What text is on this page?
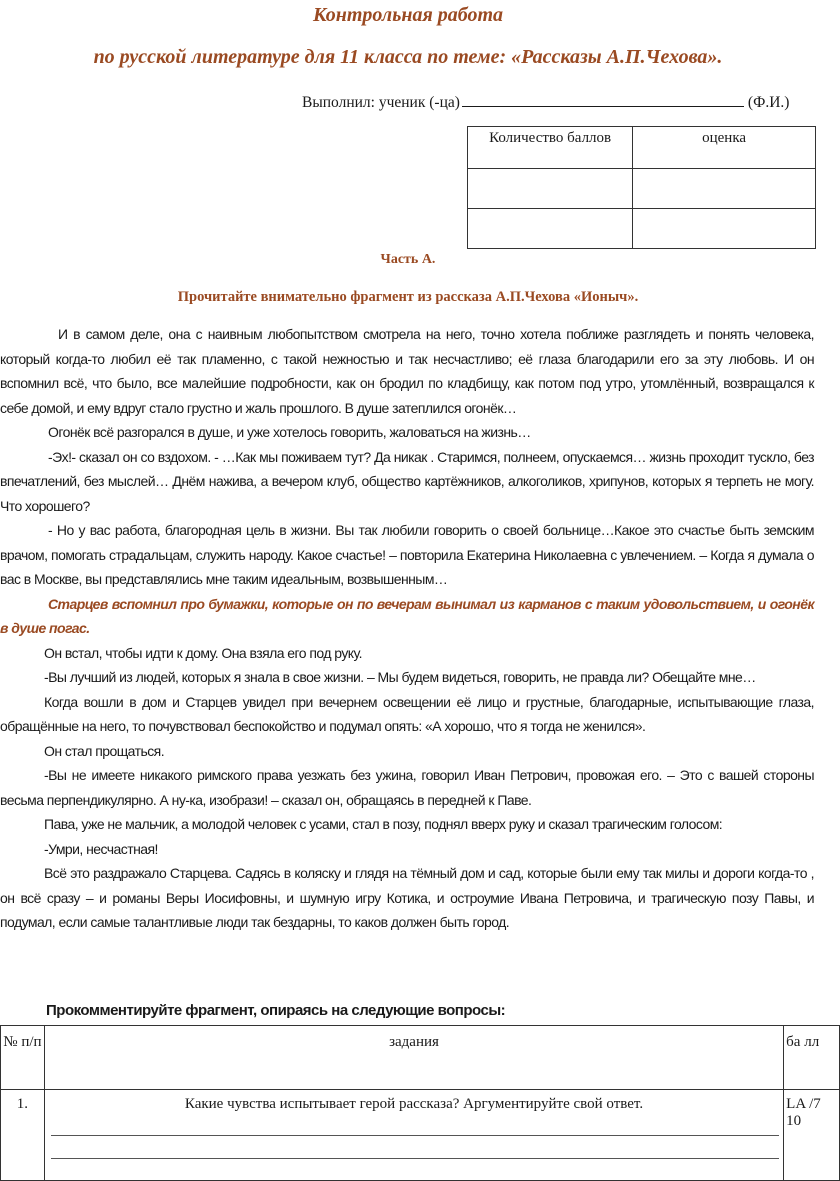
Контрольная работа

по русской литературе для 11 класса по теме: «Рассказы А.П.Чехова».

Выполнил: ученик (-ца)	(Ф.И.)

Количество баллов	оценка

Часть А.

Прочитайте внимательно фрагмент из рассказа А.П.Чехова «Ионыч».

И в самом деле, она с наивным любопытством смотрела на него, точно хотела поближе разглядеть и понять человека, который когда-то любил её так пламенно, с такой нежностью и так несчастливо; её глаза благодарили его за эту любовь. И он вспомнил всё, что было, все малейшие подробности, как он бродил по кладбищу, как потом под утро, утомлённый, возвращался к себе домой, и ему вдруг стало грустно и жаль прошлого. В душе затеплился огонёк…

Огонёк всё разгорался в душе, и уже хотелось говорить, жаловаться на жизнь…

-Эх!- сказал он со вздохом. - …Как мы поживаем тут? Да никак . Старимся, полнеем, опускаемся… жизнь проходит тускло, без впечатлений, без мыслей… Днём нажива, а вечером клуб, общество картёжников, алкоголиков, хрипунов, которых я терпеть не могу. Что хорошего?

- Но у вас работа, благородная цель в жизни. Вы так любили говорить о своей больнице…Какое это счастье быть земским врачом, помогать страдальцам, служить народу. Какое счастье! – повторила Екатерина Николаевна с увлечением. – Когда я думала о вас в Москве, вы представлялись мне таким идеальным, возвышенным…

Старцев вспомнил про бумажки, которые он по вечерам вынимал из карманов с таким удовольствием, и огонёк в душе погас.

Он встал, чтобы идти к дому. Она взяла его под руку.

-Вы лучший из людей, которых я знала в свое жизни. – Мы будем видеться, говорить, не правда ли? Обещайте мне…

Когда вошли в дом и Старцев увидел при вечернем освещении её лицо и грустные, благодарные, испытывающие глаза, обращённые на него, то почувствовал беспокойство и подумал опять: «А хорошо, что я тогда не женился».

Он стал прощаться.

-Вы не имеете никакого римского права уезжать без ужина, говорил Иван Петрович, провожая его. – Это с вашей стороны весьма перпендикулярно. А ну-ка, изобрази! – сказал он, обращаясь в передней к Паве.

Пава, уже не мальчик, а молодой человек с усами, стал в позу, поднял вверх руку и сказал трагическим голосом:

-Умри, несчастная!

Всё это раздражало Старцева. Садясь в коляску и глядя на тёмный дом и сад, которые были ему так милы и дороги когда-то , он всё сразу – и романы Веры Иосифовны, и шумную игру Котика, и остроумие Ивана Петровича, и трагическую позу Павы, и подумал, если самые талантливые люди так бездарны, то каков должен быть город.

Прокомментируйте фрагмент, опираясь на следующие вопросы:

№ п/п	задания	ба лл
1.	Какие чувства испытывает герой рассказа? Аргументируйте свой ответ.	LA /7 10
